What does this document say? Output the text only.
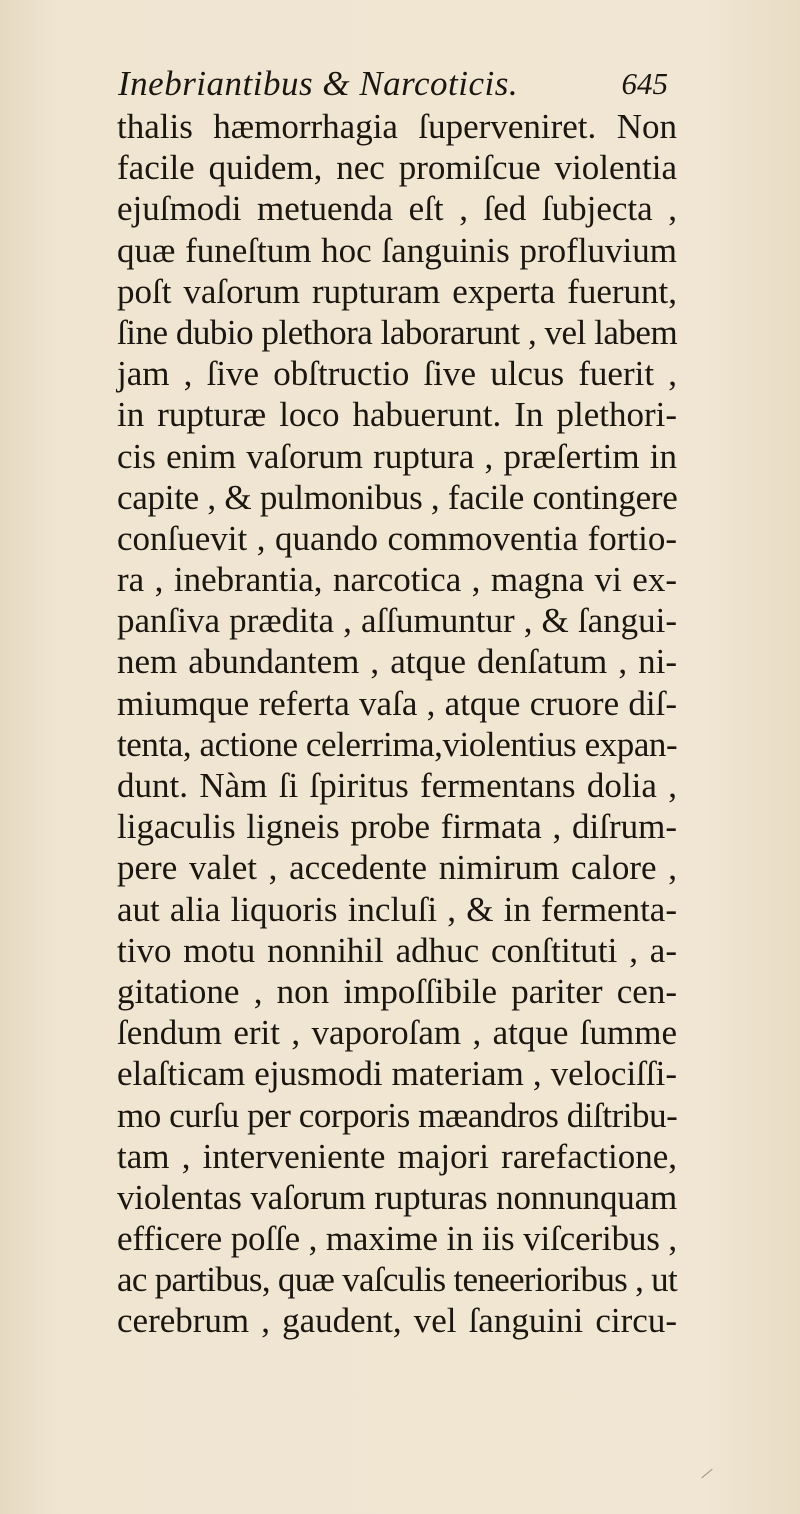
Inebriantibus & Narcoticis.	645
thalis hæmorrhagia ſuperveniret. Non
facile quidem, nec promiſcue violentia
ejuſmodi metuenda eſt , ſed ſubjecta ,
quæ funeſtum hoc ſanguinis profluvium
poſt vaſorum rupturam experta fuerunt,
ſine dubio plethora laborarunt , vel labem
jam , ſive obſtructio ſive ulcus fuerit ,
in rupturæ loco habuerunt. In plethori-
cis enim vaſorum ruptura , præſertim in
capite , & pulmonibus , facile contingere
conſuevit , quando commoventia fortio-
ra , inebrantia, narcotica , magna vi ex-
panſiva prædita , aſſumuntur , & ſangui-
nem abundantem , atque denſatum , ni-
miumque referta vaſa , atque cruore diſ-
tenta, actione celerrima,violentius expan-
dunt. Nàm ſi ſpiritus fermentans dolia ,
ligaculis ligneis probe firmata , diſrum-
pere valet , accedente nimirum calore ,
aut alia liquoris incluſi , & in fermenta-
tivo motu nonnihil adhuc conſtituti , a-
gitatione , non impoſſibile pariter cen-
ſendum erit , vaporoſam , atque ſumme
elaſticam ejusmodi materiam , velociſſi-
mo curſu per corporis mæandros diſtribu-
tam , interveniente majori rarefactione,
violentas vaſorum rupturas nonnunquam
efficere poſſe , maxime in iis viſceribus ,
ac partibus, quæ vaſculis teneerioribus , ut
cerebrum , gaudent, vel ſanguini circu-
